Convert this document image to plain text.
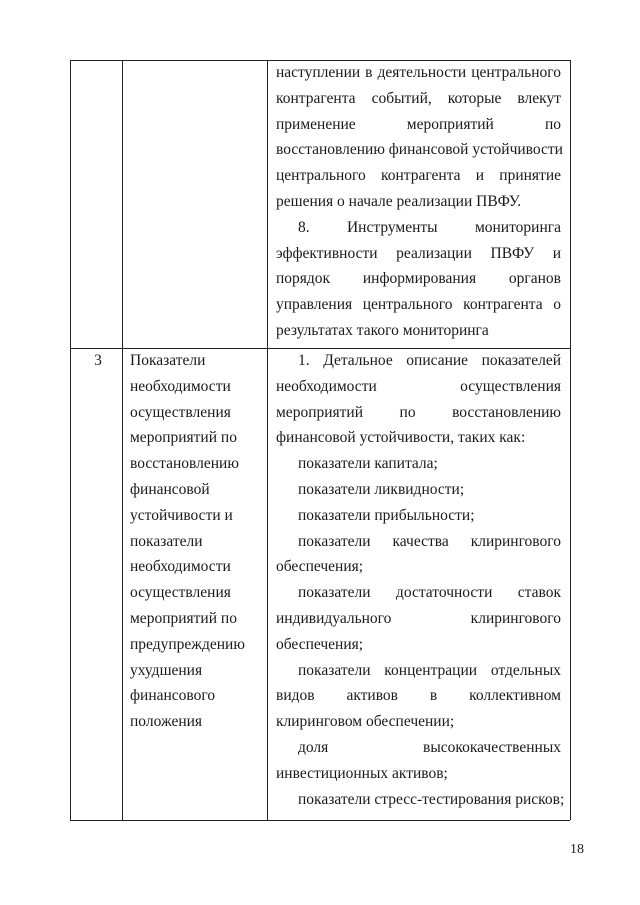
наступлении в деятельности центрального
контрагента событий, которые влекут
применение мероприятий по
восстановлению финансовой устойчивости
центрального контрагента и принятие
решения о начале реализации ПВФУ.
8. Инструменты мониторинга
эффективности реализации ПВФУ и
порядок информирования органов
управления центрального контрагента о
результатах такого мониторинга
3 Показатели
необходимости
осуществления
мероприятий по
восстановлению
финансовой
устойчивости и
показатели
необходимости
осуществления
мероприятий по
предупреждению
ухудшения
финансового
положения
1. Детальное описание показателей
необходимости осуществления
мероприятий по восстановлению
финансовой устойчивости, таких как:
показатели капитала;
показатели ликвидности;
показатели прибыльности;
показатели качества клирингового
обеспечения;
показатели достаточности ставок
индивидуального клирингового
обеспечения;
показатели концентрации отдельных
видов активов в коллективном
клиринговом обеспечении;
доля высококачественных
инвестиционных активов;
показатели стресс-тестирования рисков;
18
